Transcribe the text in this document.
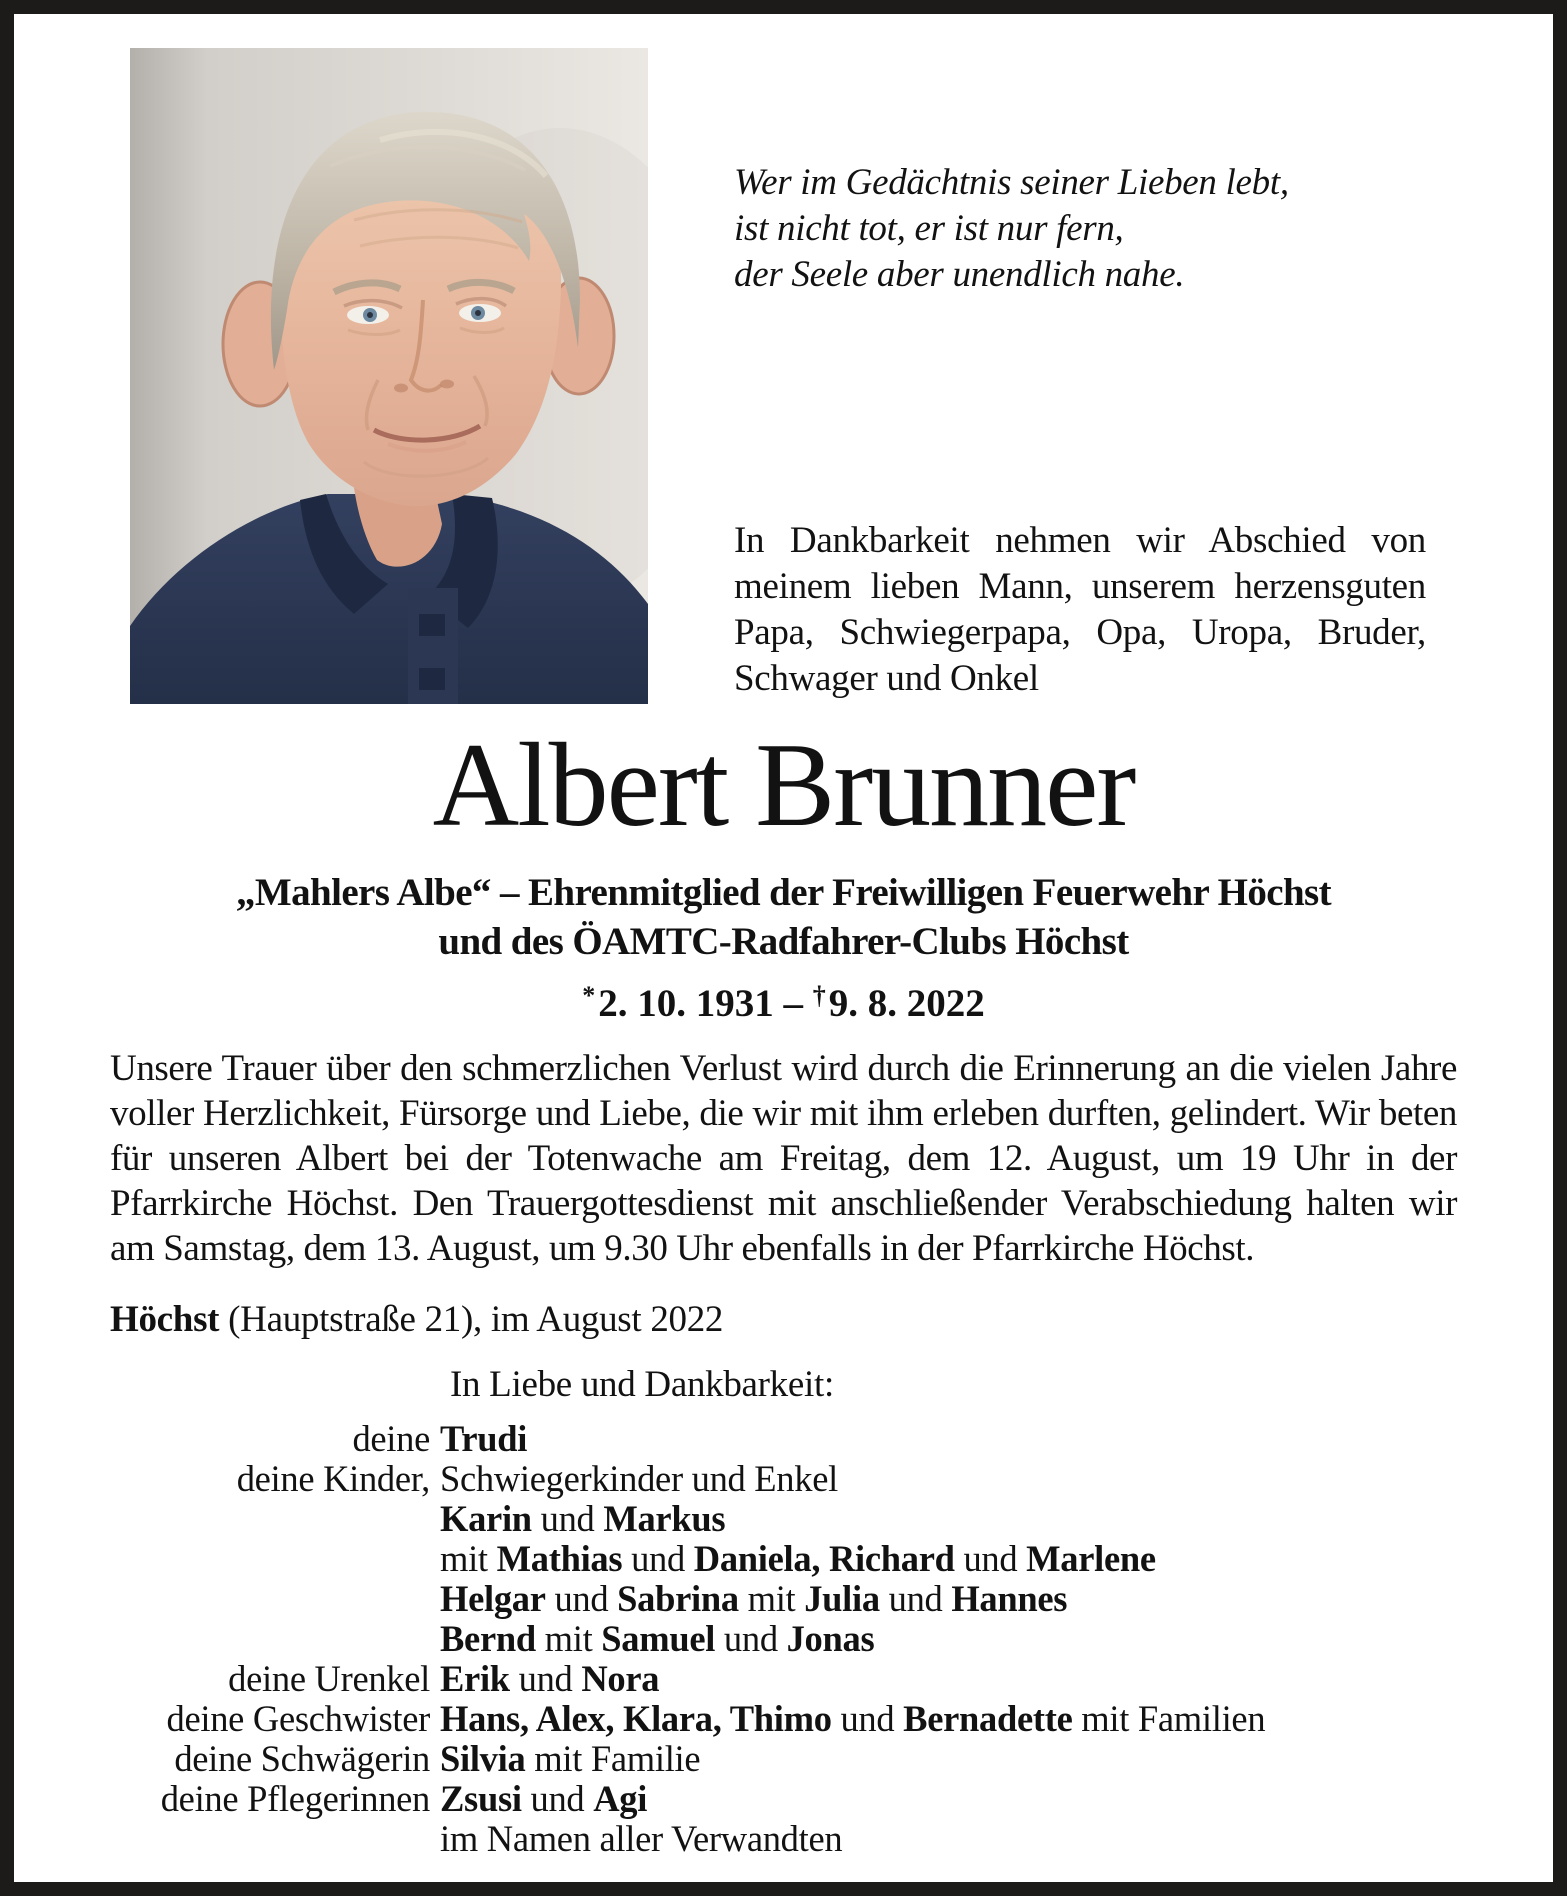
Wer im Gedächtnis seiner Lieben lebt,
ist nicht tot, er ist nur fern,
der Seele aber unendlich nahe.
In Dankbarkeit nehmen wir Abschied von meinem lieben Mann, unserem herzensguten Papa, Schwiegerpapa, Opa, Uropa, Bruder, Schwager und Onkel
Albert Brunner
„Mahlers Albe“ – Ehrenmitglied der Freiwilligen Feuerwehr Höchst
und des ÖAMTC-Radfahrer-Clubs Höchst
*2. 10. 1931 – †9. 8. 2022
Unsere Trauer über den schmerzlichen Verlust wird durch die Erinnerung an die vielen Jahre voller Herzlichkeit, Fürsorge und Liebe, die wir mit ihm erleben durften, gelindert. Wir beten für unseren Albert bei der Totenwache am Freitag, dem 12. August, um 19 Uhr in der Pfarrkirche Höchst. Den Trauergottesdienst mit anschließender Verabschiedung halten wir am Samstag, dem 13. August, um 9.30 Uhr ebenfalls in der Pfarrkirche Höchst.
Höchst (Hauptstraße 21), im August 2022
In Liebe und Dankbarkeit:
deine Trudi
deine Kinder, Schwiegerkinder und Enkel
Karin und Markus
mit Mathias und Daniela, Richard und Marlene
Helgar und Sabrina mit Julia und Hannes
Bernd mit Samuel und Jonas
deine Urenkel Erik und Nora
deine Geschwister Hans, Alex, Klara, Thimo und Bernadette mit Familien
deine Schwägerin Silvia mit Familie
deine Pflegerinnen Zsusi und Agi
im Namen aller Verwandten
